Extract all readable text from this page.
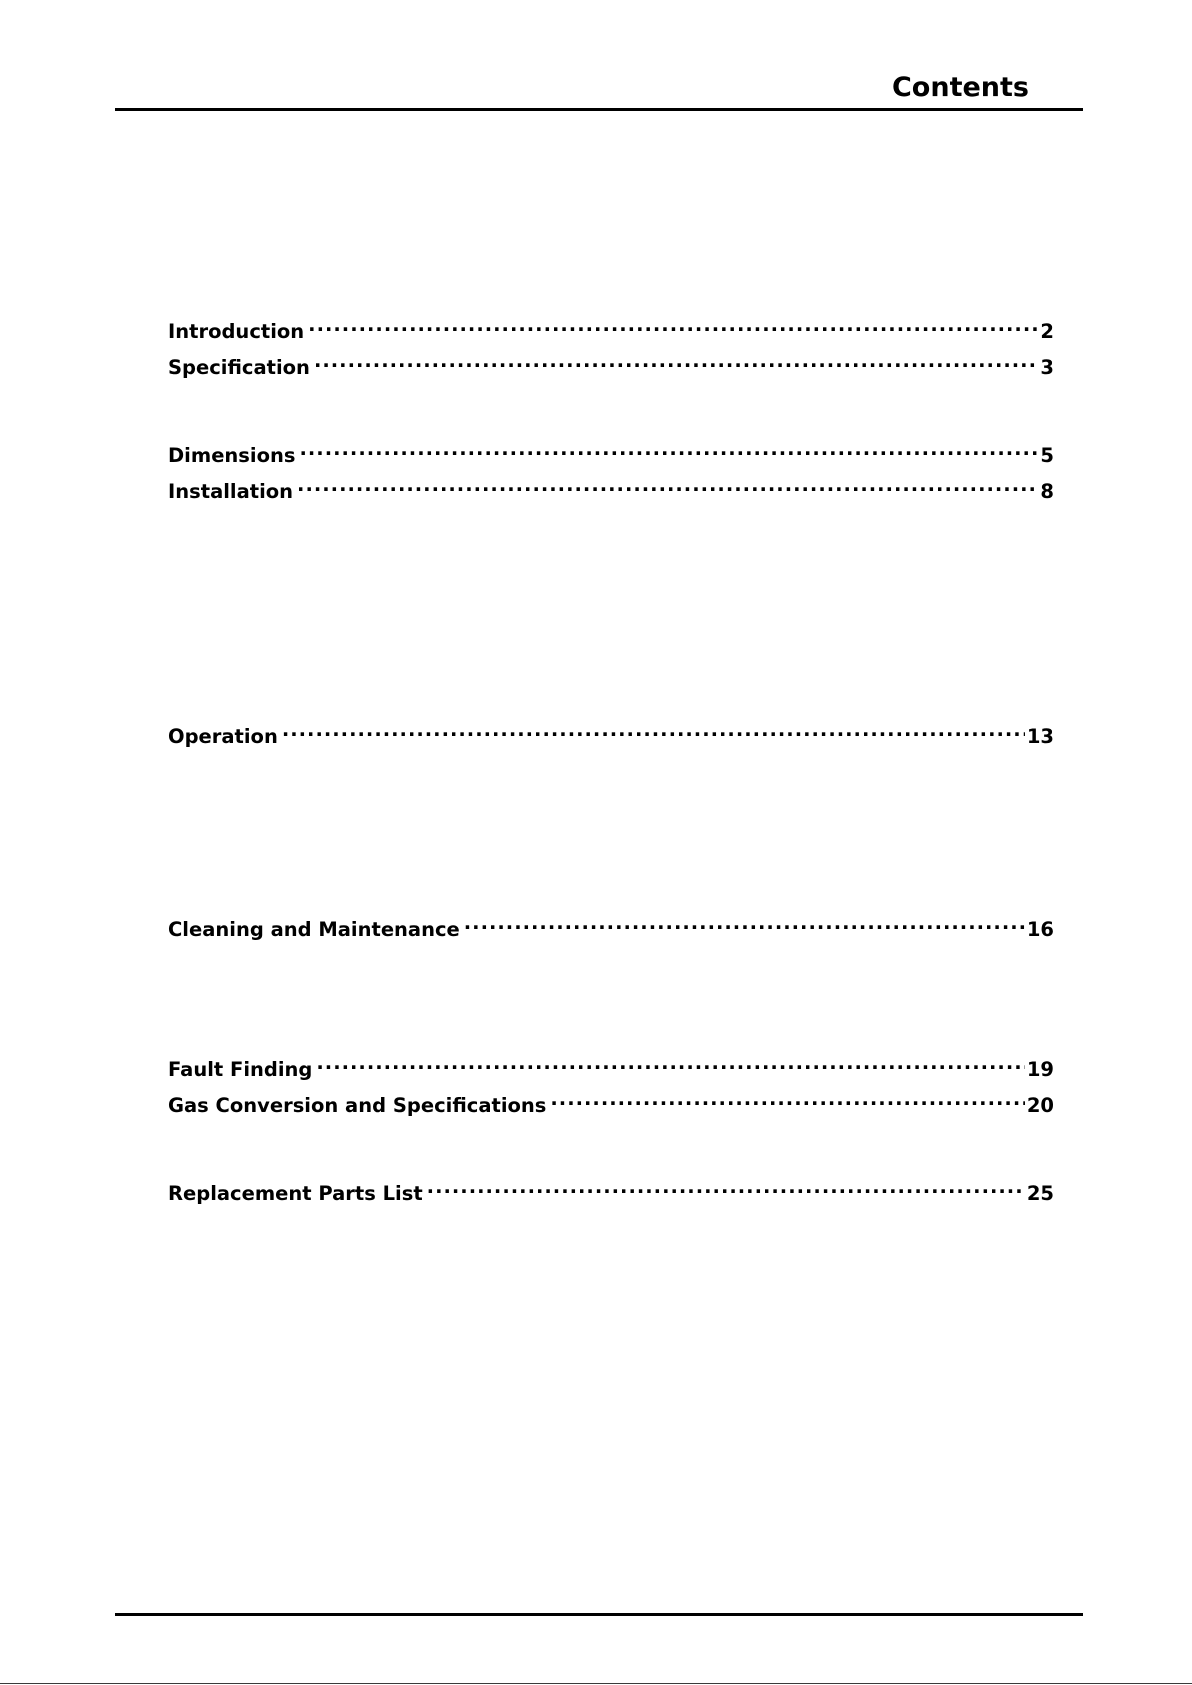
Contents
Introduction .....	2
Specification .....	3
Dimensions .....	5
Installation .....	8
Operation .....	13
Cleaning and Maintenance .....	16
Fault Finding .....	19
Gas Conversion and Specifications .....	20
Replacement Parts List .....	25
